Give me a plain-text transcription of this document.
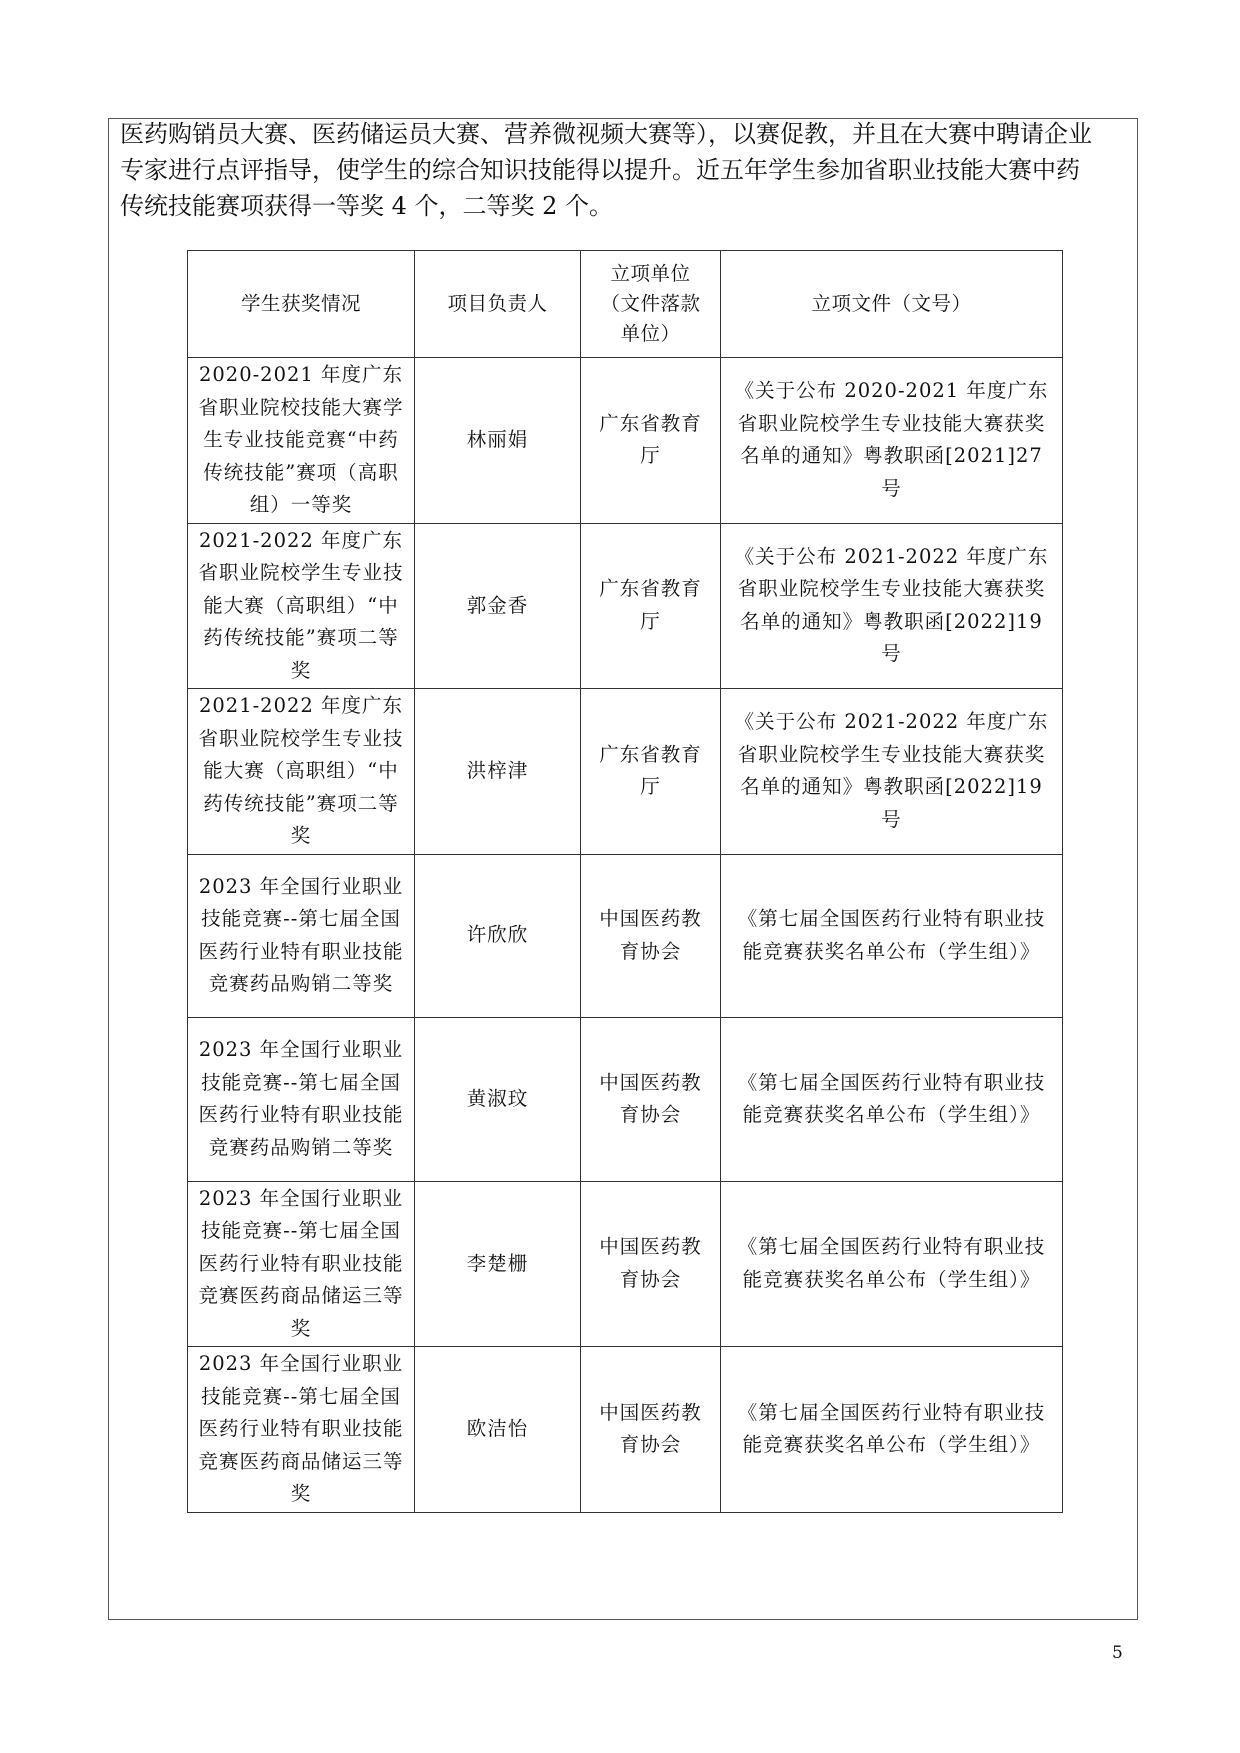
医药购销员大赛、医药储运员大赛、营养微视频大赛等），以赛促教，并且在大赛中聘请企业
专家进行点评指导，使学生的综合知识技能得以提升。近五年学生参加省职业技能大赛中药
传统技能赛项获得一等奖 4 个，二等奖 2 个。

学生获奖情况	项目负责人	立项单位（文件落款单位）	立项文件（文号）
2020-2021 年度广东省职业院校技能大赛学生专业技能竞赛“中药传统技能”赛项（高职组）一等奖	林丽娟	广东省教育厅	《关于公布 2020-2021 年度广东省职业院校学生专业技能大赛获奖名单的通知》粤教职函[2021]27 号
2021-2022 年度广东省职业院校学生专业技能大赛（高职组）“中药传统技能”赛项二等奖	郭金香	广东省教育厅	《关于公布 2021-2022 年度广东省职业院校学生专业技能大赛获奖名单的通知》粤教职函[2022]19 号
2021-2022 年度广东省职业院校学生专业技能大赛（高职组）“中药传统技能”赛项二等奖	洪梓津	广东省教育厅	《关于公布 2021-2022 年度广东省职业院校学生专业技能大赛获奖名单的通知》粤教职函[2022]19 号
2023 年全国行业职业技能竞赛--第七届全国医药行业特有职业技能竞赛药品购销二等奖	许欣欣	中国医药教育协会	《第七届全国医药行业特有职业技能竞赛获奖名单公布（学生组）》
2023 年全国行业职业技能竞赛--第七届全国医药行业特有职业技能竞赛药品购销二等奖	黄淑玟	中国医药教育协会	《第七届全国医药行业特有职业技能竞赛获奖名单公布（学生组）》
2023 年全国行业职业技能竞赛--第七届全国医药行业特有职业技能竞赛医药商品储运三等奖	李楚栅	中国医药教育协会	《第七届全国医药行业特有职业技能竞赛获奖名单公布（学生组）》
2023 年全国行业职业技能竞赛--第七届全国医药行业特有职业技能竞赛医药商品储运三等奖	欧洁怡	中国医药教育协会	《第七届全国医药行业特有职业技能竞赛获奖名单公布（学生组）》
5
